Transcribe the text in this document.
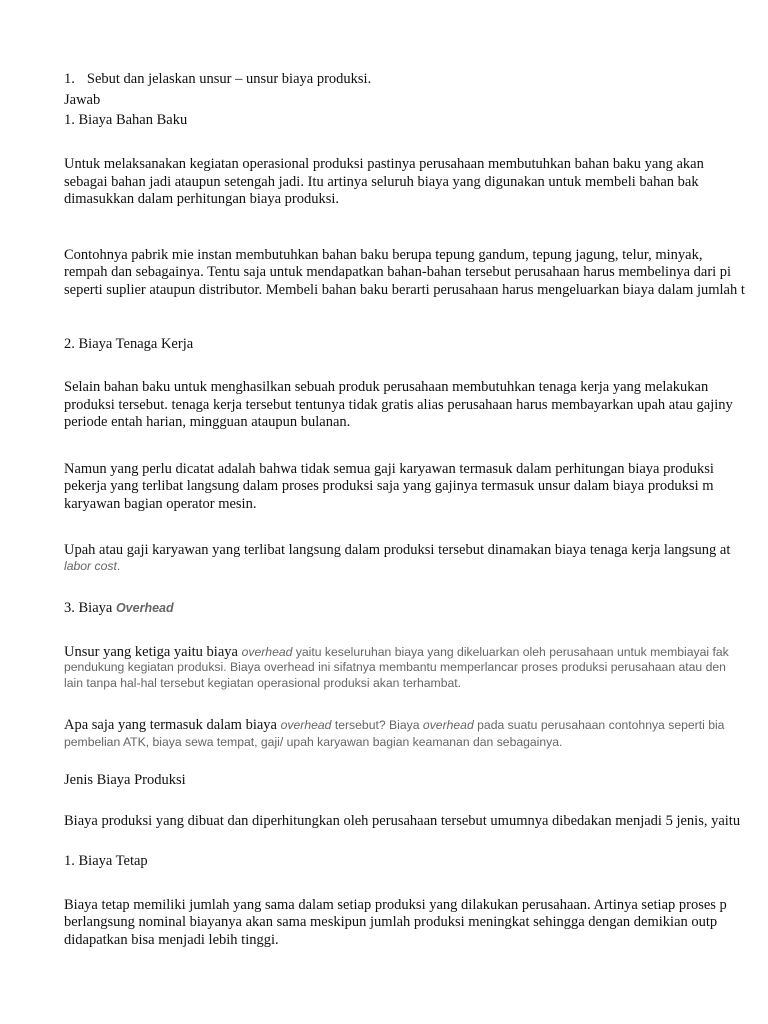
1. Sebut dan jelaskan unsur – unsur biaya produksi.
Jawab
1. Biaya Bahan Baku
Untuk melaksanakan kegiatan operasional produksi pastinya perusahaan membutuhkan bahan baku yang akan
sebagai bahan jadi ataupun setengah jadi. Itu artinya seluruh biaya yang digunakan untuk membeli bahan bak
dimasukkan dalam perhitungan biaya produksi.
Contohnya pabrik mie instan membutuhkan bahan baku berupa tepung gandum, tepung jagung, telur, minyak,
rempah dan sebagainya. Tentu saja untuk mendapatkan bahan-bahan tersebut perusahaan harus membelinya dari pi
seperti suplier ataupun distributor. Membeli bahan baku berarti perusahaan harus mengeluarkan biaya dalam jumlah t
2. Biaya Tenaga Kerja
Selain bahan baku untuk menghasilkan sebuah produk perusahaan membutuhkan tenaga kerja yang melakukan
produksi tersebut. tenaga kerja tersebut tentunya tidak gratis alias perusahaan harus membayarkan upah atau gajiny
periode entah harian, mingguan ataupun bulanan.
Namun yang perlu dicatat adalah bahwa tidak semua gaji karyawan termasuk dalam perhitungan biaya produksi
pekerja yang terlibat langsung dalam proses produksi saja yang gajinya termasuk unsur dalam biaya produksi m
karyawan bagian operator mesin.
Upah atau gaji karyawan yang terlibat langsung dalam produksi tersebut dinamakan biaya tenaga kerja langsung at
labor cost.
3. Biaya Overhead
Unsur yang ketiga yaitu biaya overhead yaitu keseluruhan biaya yang dikeluarkan oleh perusahaan untuk membiayai fak
pendukung kegiatan produksi. Biaya overhead ini sifatnya membantu memperlancar proses produksi perusahaan atau den
lain tanpa hal-hal tersebut kegiatan operasional produksi akan terhambat.
Apa saja yang termasuk dalam biaya overhead tersebut? Biaya overhead pada suatu perusahaan contohnya seperti bia
pembelian ATK, biaya sewa tempat, gaji/ upah karyawan bagian keamanan dan sebagainya.
Jenis Biaya Produksi
Biaya produksi yang dibuat dan diperhitungkan oleh perusahaan tersebut umumnya dibedakan menjadi 5 jenis, yaitu
1. Biaya Tetap
Biaya tetap memiliki jumlah yang sama dalam setiap produksi yang dilakukan perusahaan. Artinya setiap proses p
berlangsung nominal biayanya akan sama meskipun jumlah produksi meningkat sehingga dengan demikian outp
didapatkan bisa menjadi lebih tinggi.
